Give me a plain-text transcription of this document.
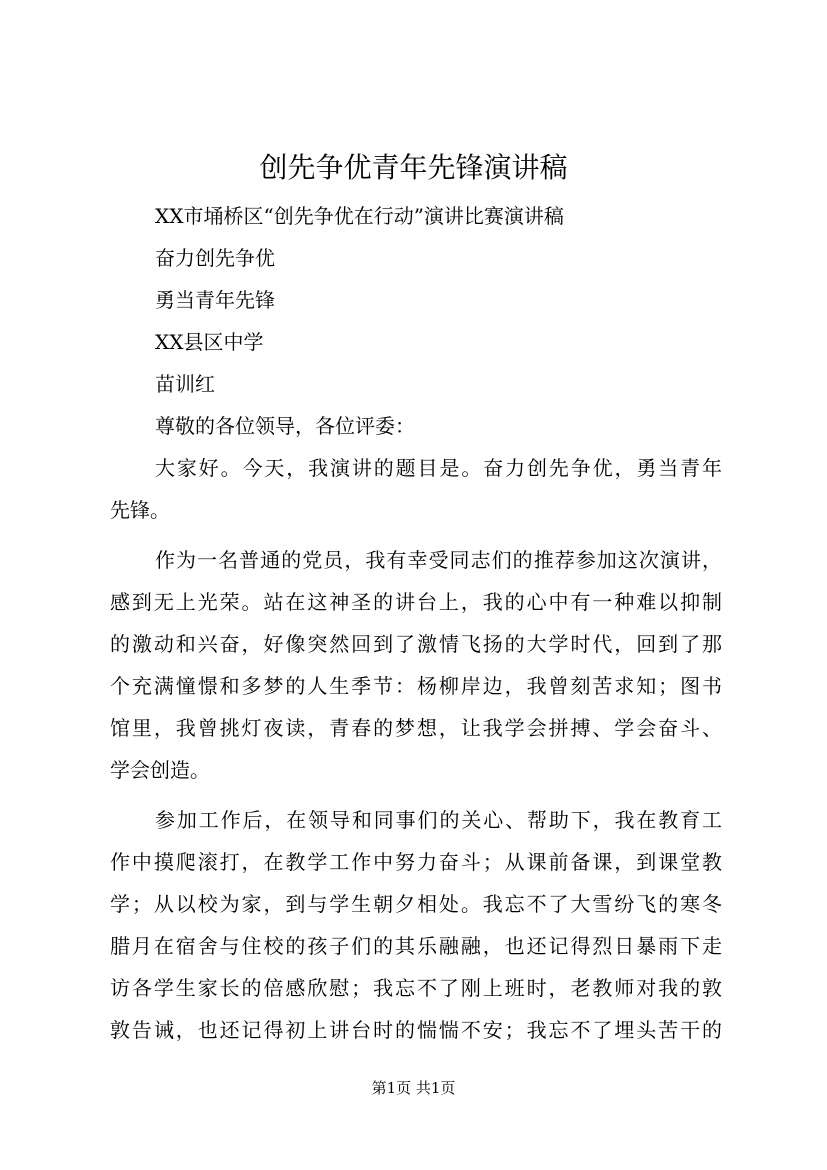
创先争优青年先锋演讲稿
XX市埇桥区“创先争优在行动”演讲比赛演讲稿
奋力创先争优
勇当青年先锋
XX县区中学
苗训红
尊敬的各位领导，各位评委：
大家好。今天，我演讲的题目是。奋力创先争优，勇当青年
先锋。
作为一名普通的党员，我有幸受同志们的推荐参加这次演讲，
感到无上光荣。站在这神圣的讲台上，我的心中有一种难以抑制
的激动和兴奋，好像突然回到了激情飞扬的大学时代，回到了那
个充满憧憬和多梦的人生季节：杨柳岸边，我曾刻苦求知；图书
馆里，我曾挑灯夜读，青春的梦想，让我学会拼搏、学会奋斗、
学会创造。
参加工作后，在领导和同事们的关心、帮助下，我在教育工
作中摸爬滚打，在教学工作中努力奋斗；从课前备课，到课堂教
学；从以校为家，到与学生朝夕相处。我忘不了大雪纷飞的寒冬
腊月在宿舍与住校的孩子们的其乐融融，也还记得烈日暴雨下走
访各学生家长的倍感欣慰；我忘不了刚上班时，老教师对我的敦
敦告诫，也还记得初上讲台时的惴惴不安；我忘不了埋头苦干的
第1页 共1页
